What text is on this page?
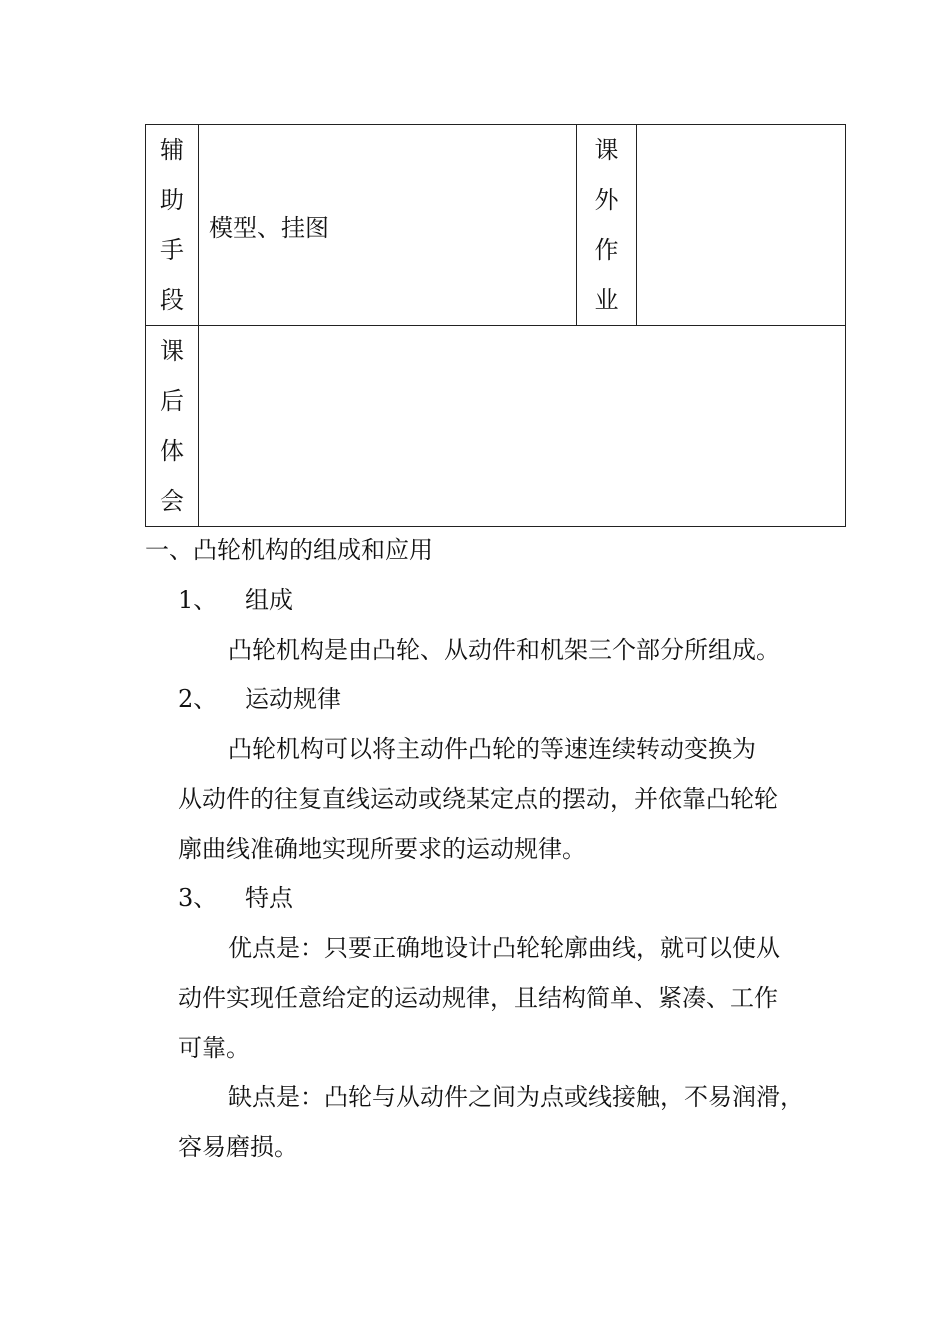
辅
助
手
段	模型、挂图	课
外
作
业	

课
后
体
会			

一、凸轮机构的组成和应用
1、 组成
凸轮机构是由凸轮、从动件和机架三个部分所组成。
2、 运动规律
凸轮机构可以将主动件凸轮的等速连续转动变换为
从动件的往复直线运动或绕某定点的摆动，并依靠凸轮轮
廓曲线准确地实现所要求的运动规律。
3、 特点
优点是：只要正确地设计凸轮轮廓曲线，就可以使从
动件实现任意给定的运动规律，且结构简单、紧凑、工作
可靠。
缺点是：凸轮与从动件之间为点或线接触，不易润滑，
容易磨损。
